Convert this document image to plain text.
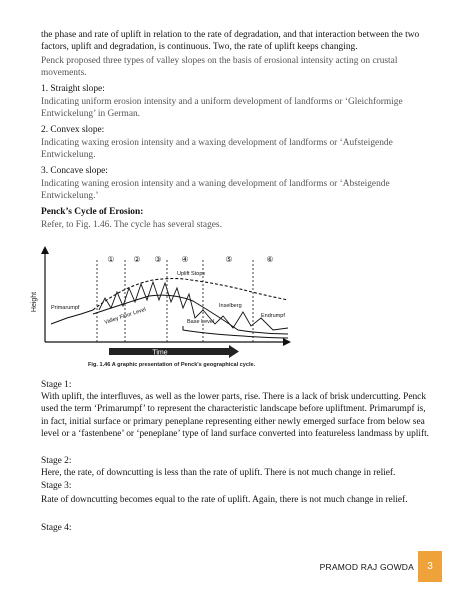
the phase and rate of uplift in relation to the rate of degradation, and that interaction between the two factors, uplift and degradation, is continuous. Two, the rate of uplift keeps changing.
Penck proposed three types of valley slopes on the basis of erosional intensity acting on crustal movements.
1. Straight slope:
Indicating uniform erosion intensity and a uniform development of landforms or ‘Gleichformige Entwickelung’ in German.
2. Convex slope:
Indicating waxing erosion intensity and a waxing development of landforms or ‘Aufsteigende Entwickelung.
3. Concave slope:
Indicating waning erosion intensity and a waning development of landforms or ‘Absteigende Entwickelung.’
Penck’s Cycle of Erosion:
Refer, to Fig. 1.46. The cycle has several stages.
Height
Time
① ② ③ ④	⑤	⑥
Primarumpf	Valley Floor Level
Uplift Stops
Inselberg
Endrumpf
Base Level
Fig. 1.46 A graphic presentation of Penck's geographical cycle.
Stage 1:
With uplift, the interfluves, as well as the lower parts, rise. There is a lack of brisk undercutting. Penck used the term ‘Primarumpf’ to represent the characteristic landscape before upliftment. Primarumpf is, in fact, initial surface or primary peneplane representing either newly emerged surface from below sea level or a ‘fastenbene’ or ‘peneplane’ type of land surface converted into featureless landmass by uplift.
Stage 2:
Here, the rate, of downcutting is less than the rate of uplift. There is not much change in relief.
Stage 3:
Rate of downcutting becomes equal to the rate of uplift. Again, there is not much change in relief.
Stage 4:
PRAMOD RAJ GOWDA	3
